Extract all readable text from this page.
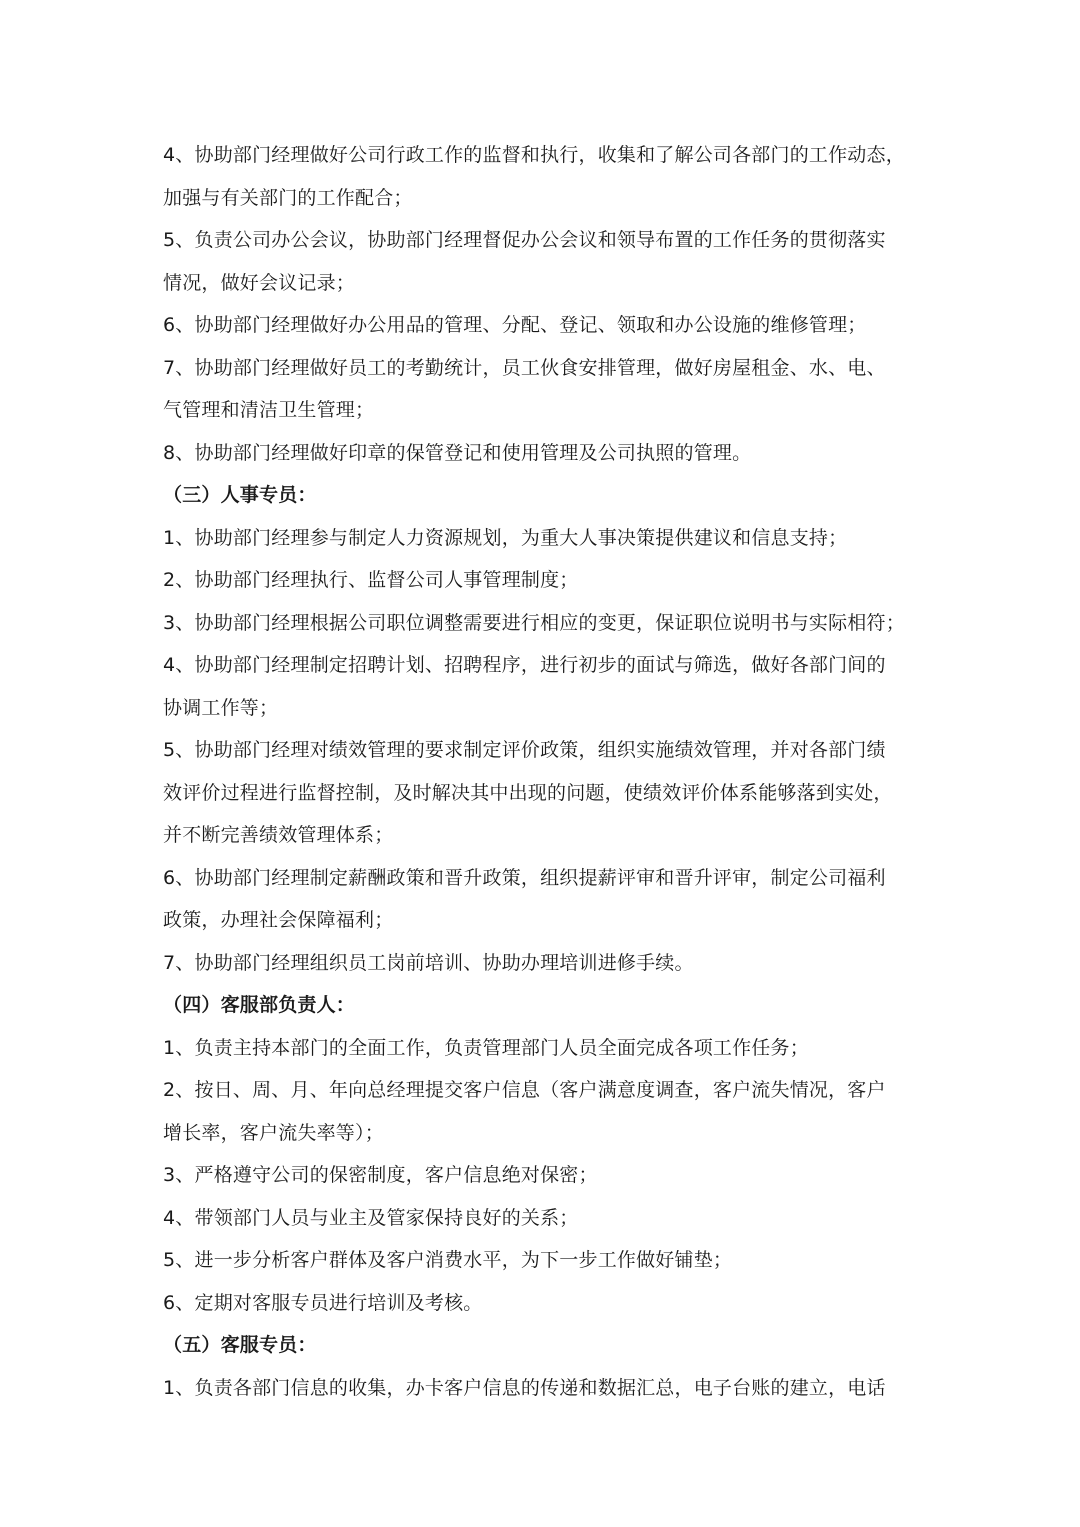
4、协助部门经理做好公司行政工作的监督和执行，收集和了解公司各部门的工作动态，
加强与有关部门的工作配合；
5、负责公司办公会议，协助部门经理督促办公会议和领导布置的工作任务的贯彻落实
情况，做好会议记录；
6、协助部门经理做好办公用品的管理、分配、登记、领取和办公设施的维修管理；
7、协助部门经理做好员工的考勤统计，员工伙食安排管理，做好房屋租金、水、电、
气管理和清洁卫生管理；
8、协助部门经理做好印章的保管登记和使用管理及公司执照的管理。
（三）人事专员：
1、协助部门经理参与制定人力资源规划，为重大人事决策提供建议和信息支持；
2、协助部门经理执行、监督公司人事管理制度；
3、协助部门经理根据公司职位调整需要进行相应的变更，保证职位说明书与实际相符；
4、协助部门经理制定招聘计划、招聘程序，进行初步的面试与筛选，做好各部门间的
协调工作等；
5、协助部门经理对绩效管理的要求制定评价政策，组织实施绩效管理，并对各部门绩
效评价过程进行监督控制，及时解决其中出现的问题，使绩效评价体系能够落到实处，
并不断完善绩效管理体系；
6、协助部门经理制定薪酬政策和晋升政策，组织提薪评审和晋升评审，制定公司福利
政策，办理社会保障福利；
7、协助部门经理组织员工岗前培训、协助办理培训进修手续。
（四）客服部负责人：
1、负责主持本部门的全面工作，负责管理部门人员全面完成各项工作任务；
2、按日、周、月、年向总经理提交客户信息（客户满意度调查，客户流失情况，客户
增长率，客户流失率等）；
3、严格遵守公司的保密制度，客户信息绝对保密；
4、带领部门人员与业主及管家保持良好的关系；
5、进一步分析客户群体及客户消费水平，为下一步工作做好铺垫；
6、定期对客服专员进行培训及考核。
（五）客服专员：
1、负责各部门信息的收集，办卡客户信息的传递和数据汇总，电子台账的建立，电话
